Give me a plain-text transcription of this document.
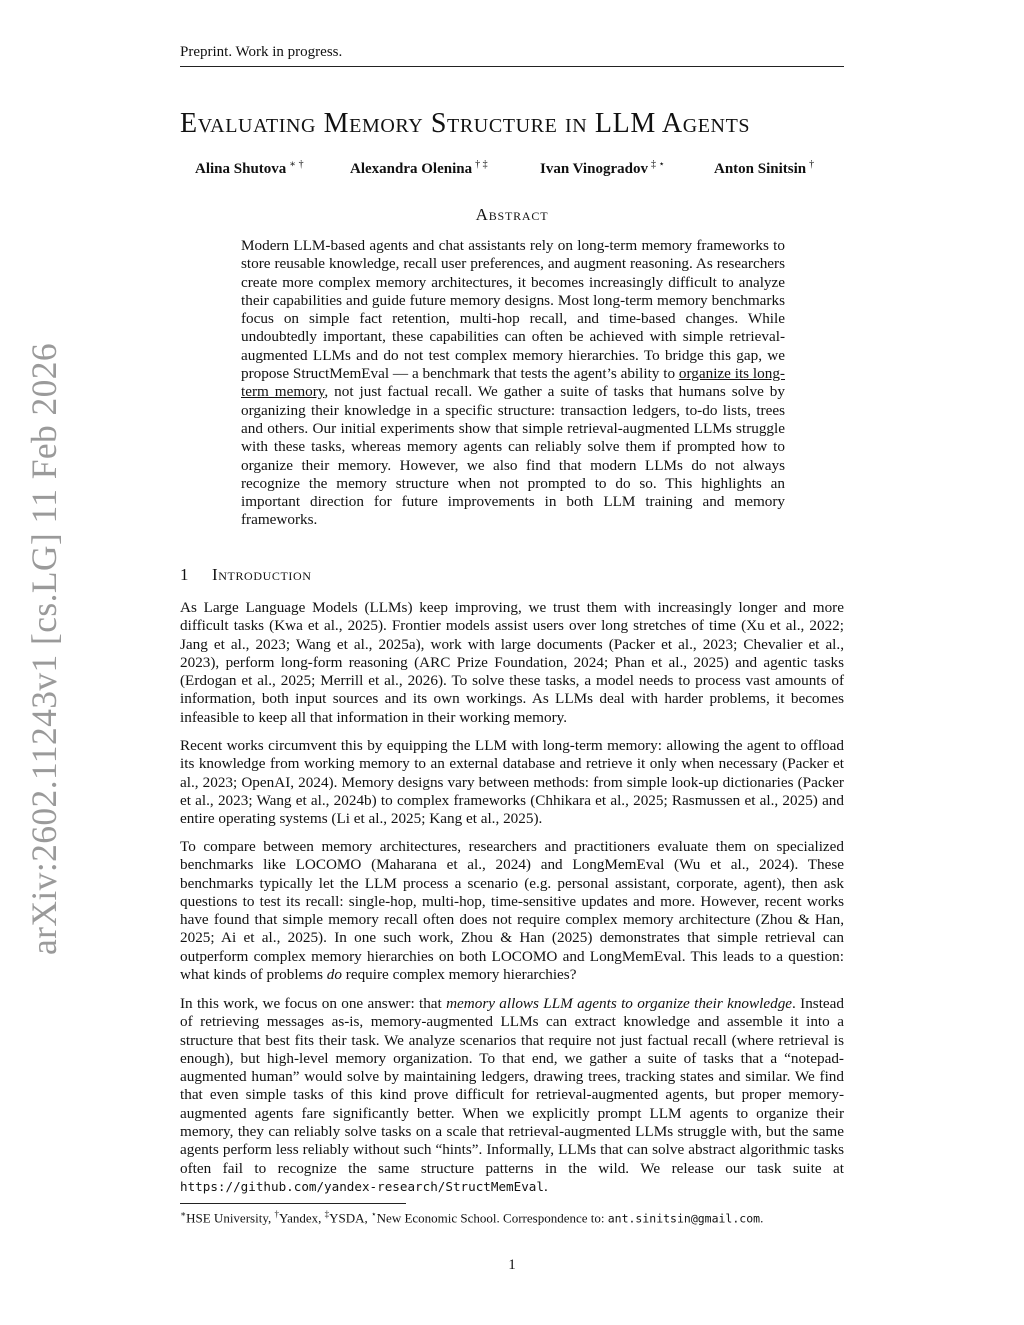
Preprint. Work in progress.
arXiv:2602.11243v1 [cs.LG] 11 Feb 2026
Evaluating Memory Structure in LLM Agents
Alina Shutova ∗ †	Alexandra Olenina † ‡	Ivan Vinogradov ‡ ⋆	Anton Sinitsin †
Abstract
Modern LLM-based agents and chat assistants rely on long-term memory frameworks to store reusable knowledge, recall user preferences, and augment reasoning. As researchers create more complex memory architectures, it becomes increasingly difficult to analyze their capabilities and guide future memory designs. Most long-term memory benchmarks focus on simple fact retention, multi-hop recall, and time-based changes. While undoubtedly important, these capabilities can often be achieved with simple retrieval-augmented LLMs and do not test complex memory hierarchies. To bridge this gap, we propose StructMemEval — a benchmark that tests the agent’s ability to organize its long-term memory, not just factual recall. We gather a suite of tasks that humans solve by organizing their knowledge in a specific structure: transaction ledgers, to-do lists, trees and others. Our initial experiments show that simple retrieval-augmented LLMs struggle with these tasks, whereas memory agents can reliably solve them if prompted how to organize their memory. However, we also find that modern LLMs do not always recognize the memory structure when not prompted to do so. This highlights an important direction for future improvements in both LLM training and memory frameworks.
1 Introduction
As Large Language Models (LLMs) keep improving, we trust them with increasingly longer and more difficult tasks (Kwa et al., 2025). Frontier models assist users over long stretches of time (Xu et al., 2022; Jang et al., 2023; Wang et al., 2025a), work with large documents (Packer et al., 2023; Chevalier et al., 2023), perform long-form reasoning (ARC Prize Foundation, 2024; Phan et al., 2025) and agentic tasks (Erdogan et al., 2025; Merrill et al., 2026). To solve these tasks, a model needs to process vast amounts of information, both input sources and its own workings. As LLMs deal with harder problems, it becomes infeasible to keep all that information in their working memory.
Recent works circumvent this by equipping the LLM with long-term memory: allowing the agent to offload its knowledge from working memory to an external database and retrieve it only when necessary (Packer et al., 2023; OpenAI, 2024). Memory designs vary between methods: from simple look-up dictionaries (Packer et al., 2023; Wang et al., 2024b) to complex frameworks (Chhikara et al., 2025; Rasmussen et al., 2025) and entire operating systems (Li et al., 2025; Kang et al., 2025).
To compare between memory architectures, researchers and practitioners evaluate them on specialized benchmarks like LOCOMO (Maharana et al., 2024) and LongMemEval (Wu et al., 2024). These benchmarks typically let the LLM process a scenario (e.g. personal assistant, corporate, agent), then ask questions to test its recall: single-hop, multi-hop, time-sensitive updates and more. However, recent works have found that simple memory recall often does not require complex memory architecture (Zhou & Han, 2025; Ai et al., 2025). In one such work, Zhou & Han (2025) demonstrates that simple retrieval can outperform complex memory hierarchies on both LOCOMO and LongMemEval. This leads to a question: what kinds of problems do require complex memory hierarchies?
In this work, we focus on one answer: that memory allows LLM agents to organize their knowledge. Instead of retrieving messages as-is, memory-augmented LLMs can extract knowledge and assemble it into a structure that best fits their task. We analyze scenarios that require not just factual recall (where retrieval is enough), but high-level memory organization. To that end, we gather a suite of tasks that a “notepad-augmented human” would solve by maintaining ledgers, drawing trees, tracking states and similar. We find that even simple tasks of this kind prove difficult for retrieval-augmented agents, but proper memory-augmented agents fare significantly better. When we explicitly prompt LLM agents to organize their memory, they can reliably solve tasks on a scale that retrieval-augmented LLMs struggle with, but the same agents perform less reliably without such “hints”. Informally, LLMs that can solve abstract algorithmic tasks often fail to recognize the same structure patterns in the wild. We release our task suite at https://github.com/yandex-research/StructMemEval.
∗HSE University, †Yandex, ‡YSDA, ⋆New Economic School. Correspondence to: ant.sinitsin@gmail.com.
1
